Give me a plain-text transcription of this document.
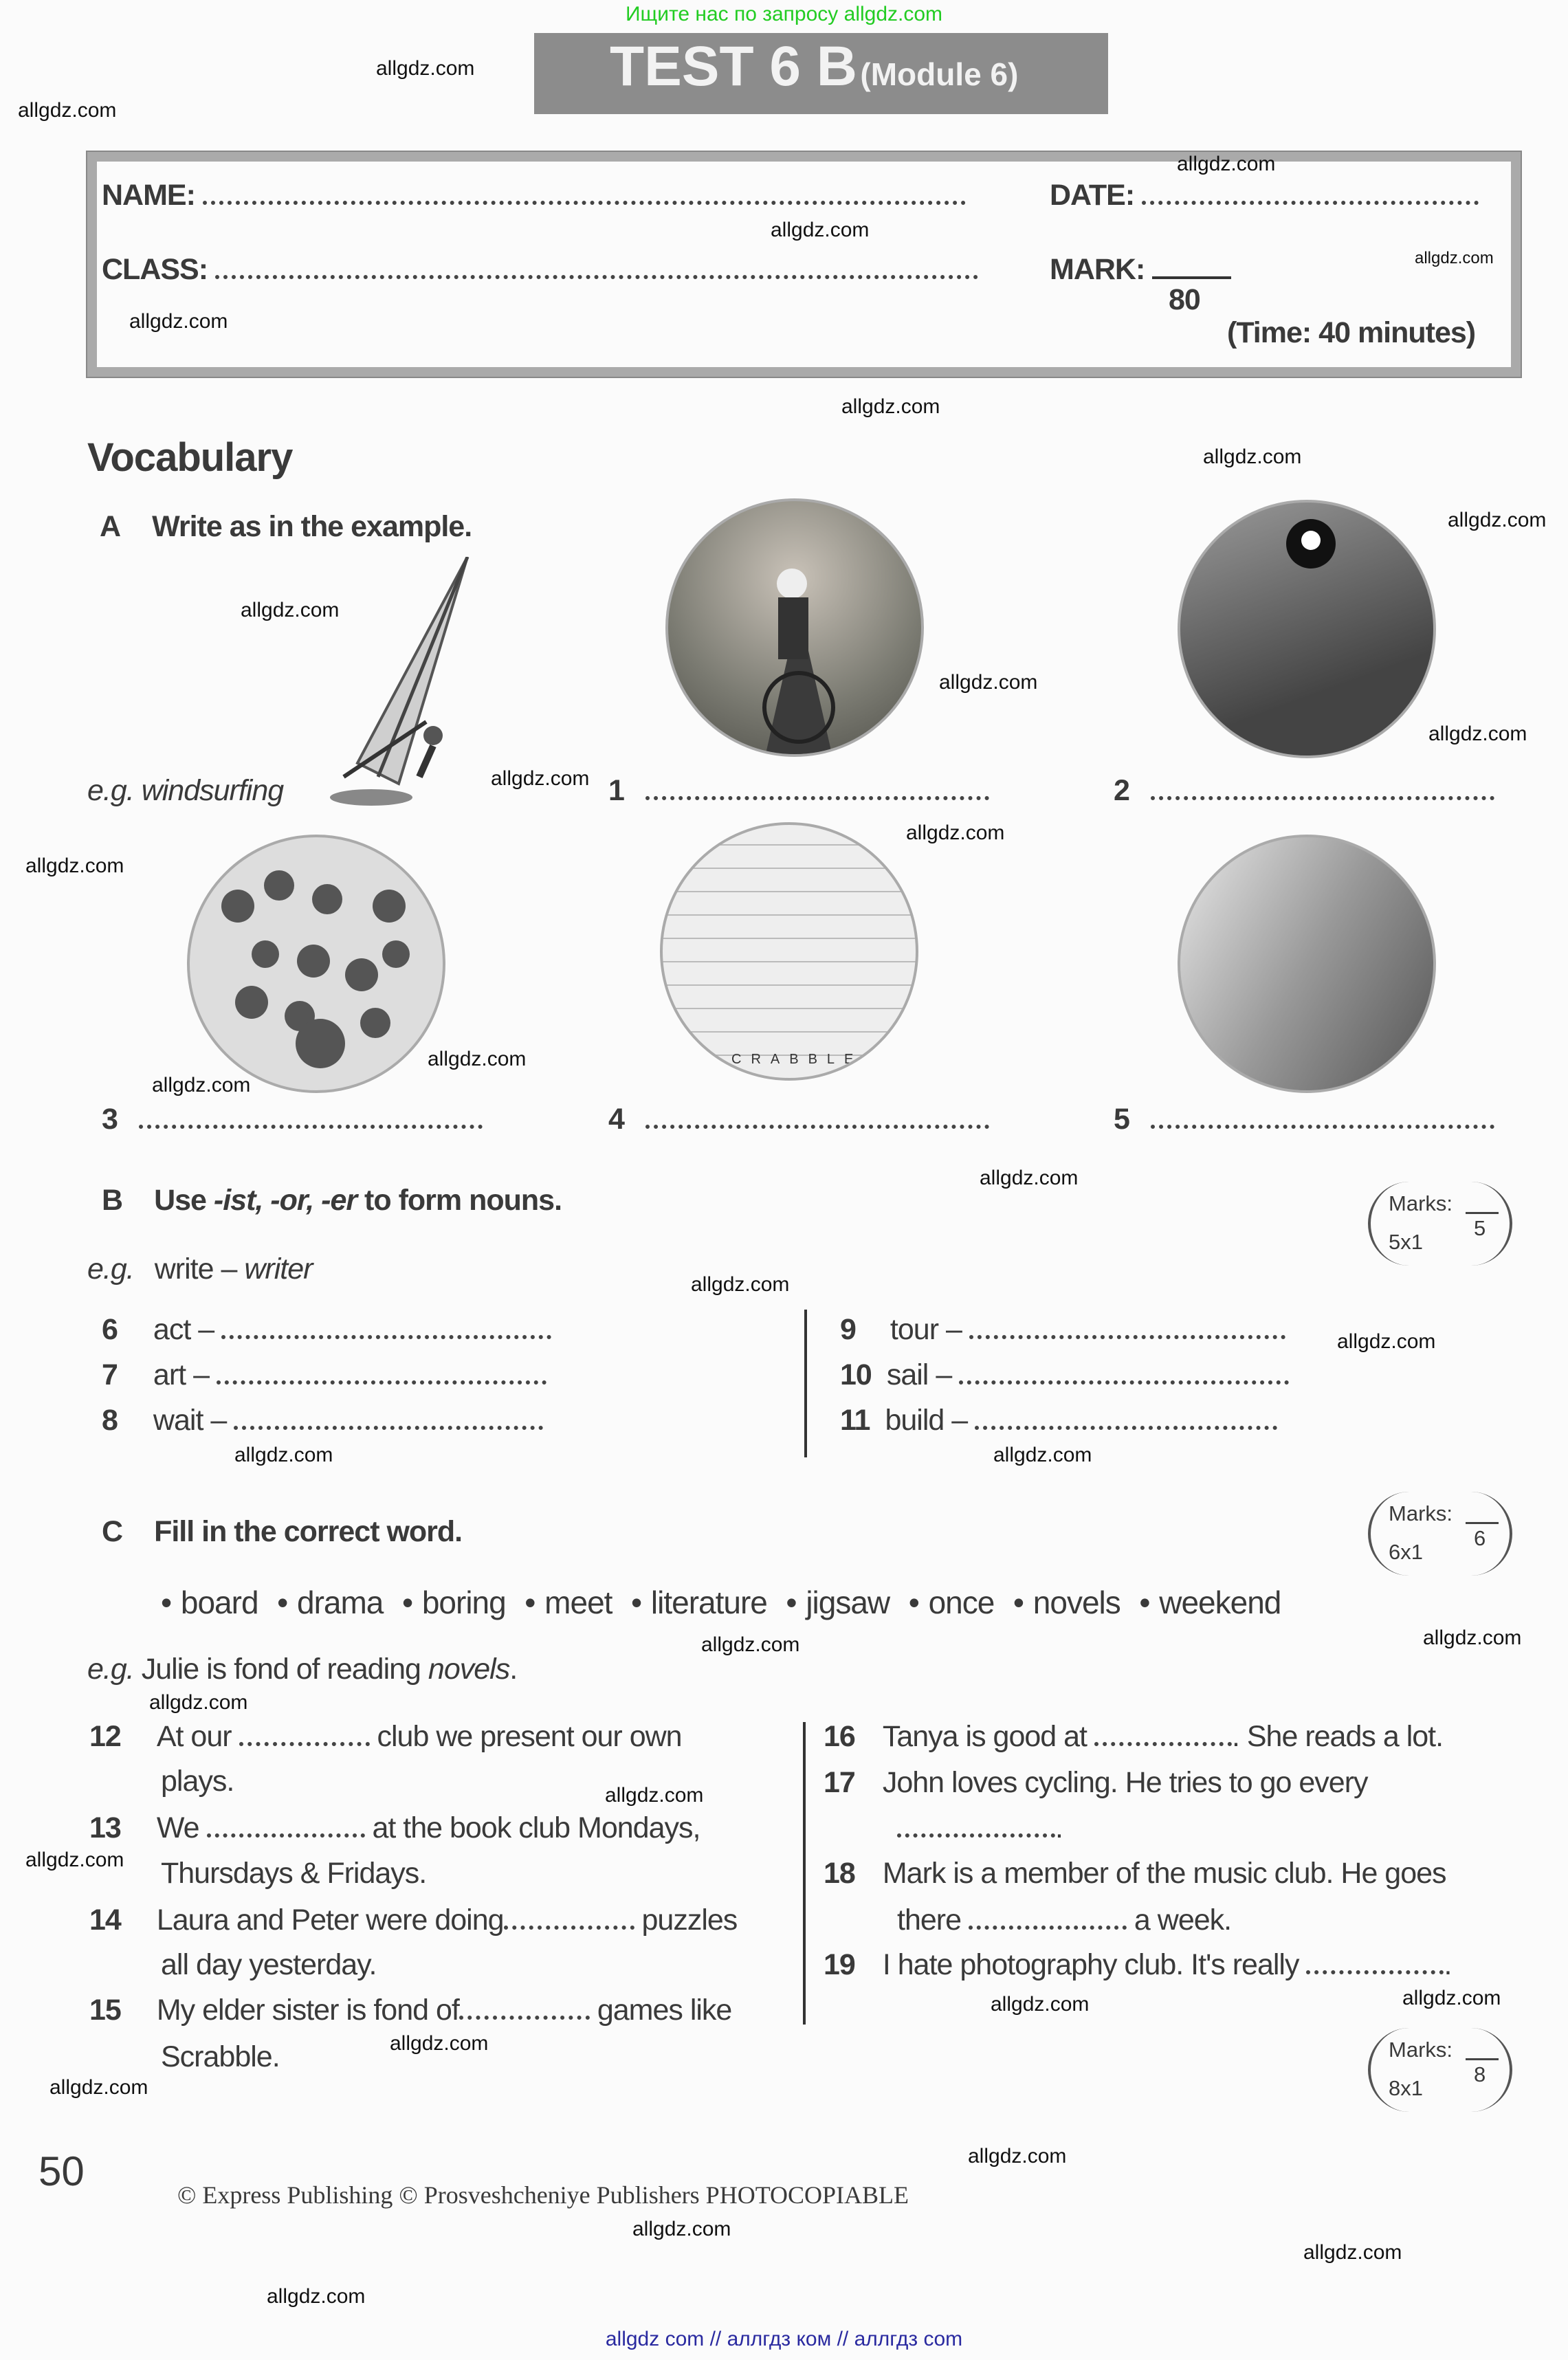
Ищите нас по запросу allgdz.com
TEST 6 B (Module 6)
NAME:
CLASS:
DATE:
MARK:
80
(Time: 40 minutes)
Vocabulary
A Write as in the example.
CRABBLE
e.g. windsurfing	1	2
3	4	5
B Use -ist, -or, -er to form nouns.	Marks:
5
5x1
e.g. write – writer
6 act –
7 art –
8 wait –
9 tour –
10 sail –
11 build –
C Fill in the correct word.
Marks:
6
6x1
• board • drama • boring • meet • literature • jigsaw • once • novels • weekend
e.g. Julie is fond of reading novels.
12 At our	club we present our own
plays.
13 We	at the book club Mondays,
Thursdays & Fridays.
14 Laura and Peter were doing	puzzles
all day yesterday.
15 My elder sister is fond of	games like
Scrabble.
16 Tanya is good at	. She reads a lot.
17 John loves cycling. He tries to go every
.
18 Mark is a member of the music club. He goes
there	a week.
19 I hate photography club. It's really	.
Marks:
8
8x1
50
© Express Publishing © Prosveshcheniye Publishers PHOTOCOPIABLE
allgdz com // аллгдз ком // аллгдз com
allgdz.com
allgdz.com
allgdz.com
allgdz.com
allgdz.com
allgdz.com
allgdz.com
allgdz.com
allgdz.com
allgdz.com
allgdz.com
allgdz.com
allgdz.com
allgdz.com
allgdz.com
allgdz.com
allgdz.com
allgdz.com
allgdz.com
allgdz.com
allgdz.com	allgdz.com
allgdz.com
allgdz.com
allgdz.com
allgdz.com
allgdz.com
allgdz.com
allgdz.com
allgdz.com
allgdz.com
allgdz.com
allgdz.com
allgdz.com
allgdz.com
